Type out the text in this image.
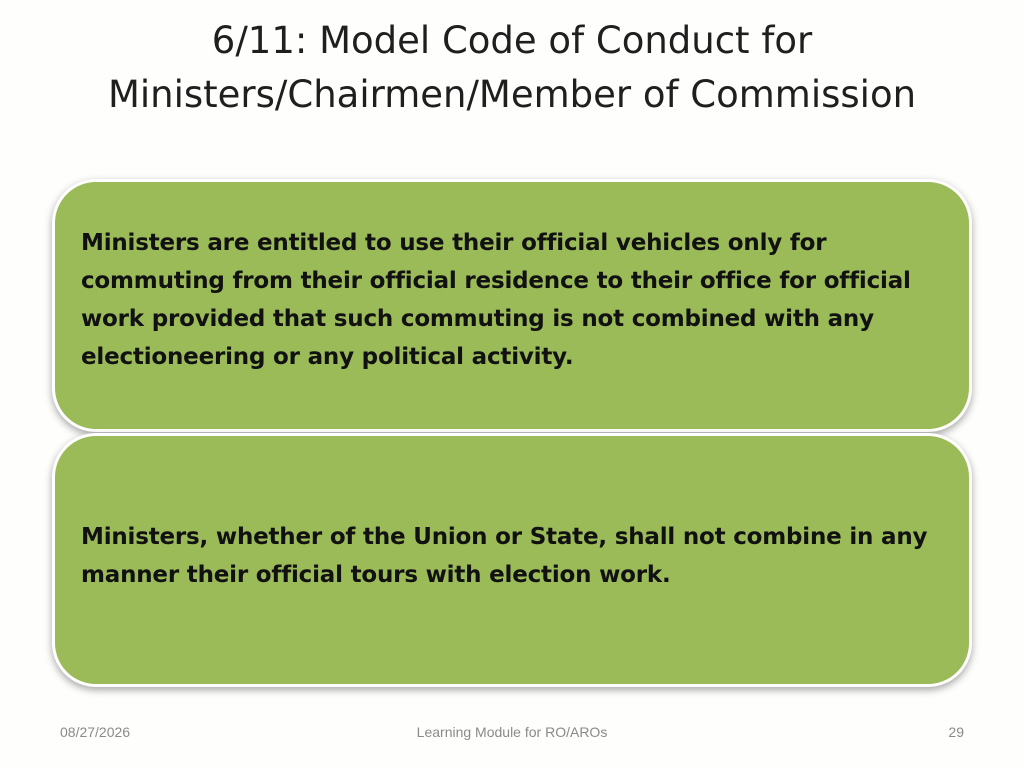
6/11: Model Code of Conduct for
Ministers/Chairmen/Member of Commission
Ministers are entitled to use their official vehicles only for commuting from their official residence to their office for official work provided that such commuting is not combined with any electioneering or any political activity.
Ministers, whether of the Union or State, shall not combine in any manner their official tours with election work.
08/27/2026	Learning Module for RO/AROs	29
